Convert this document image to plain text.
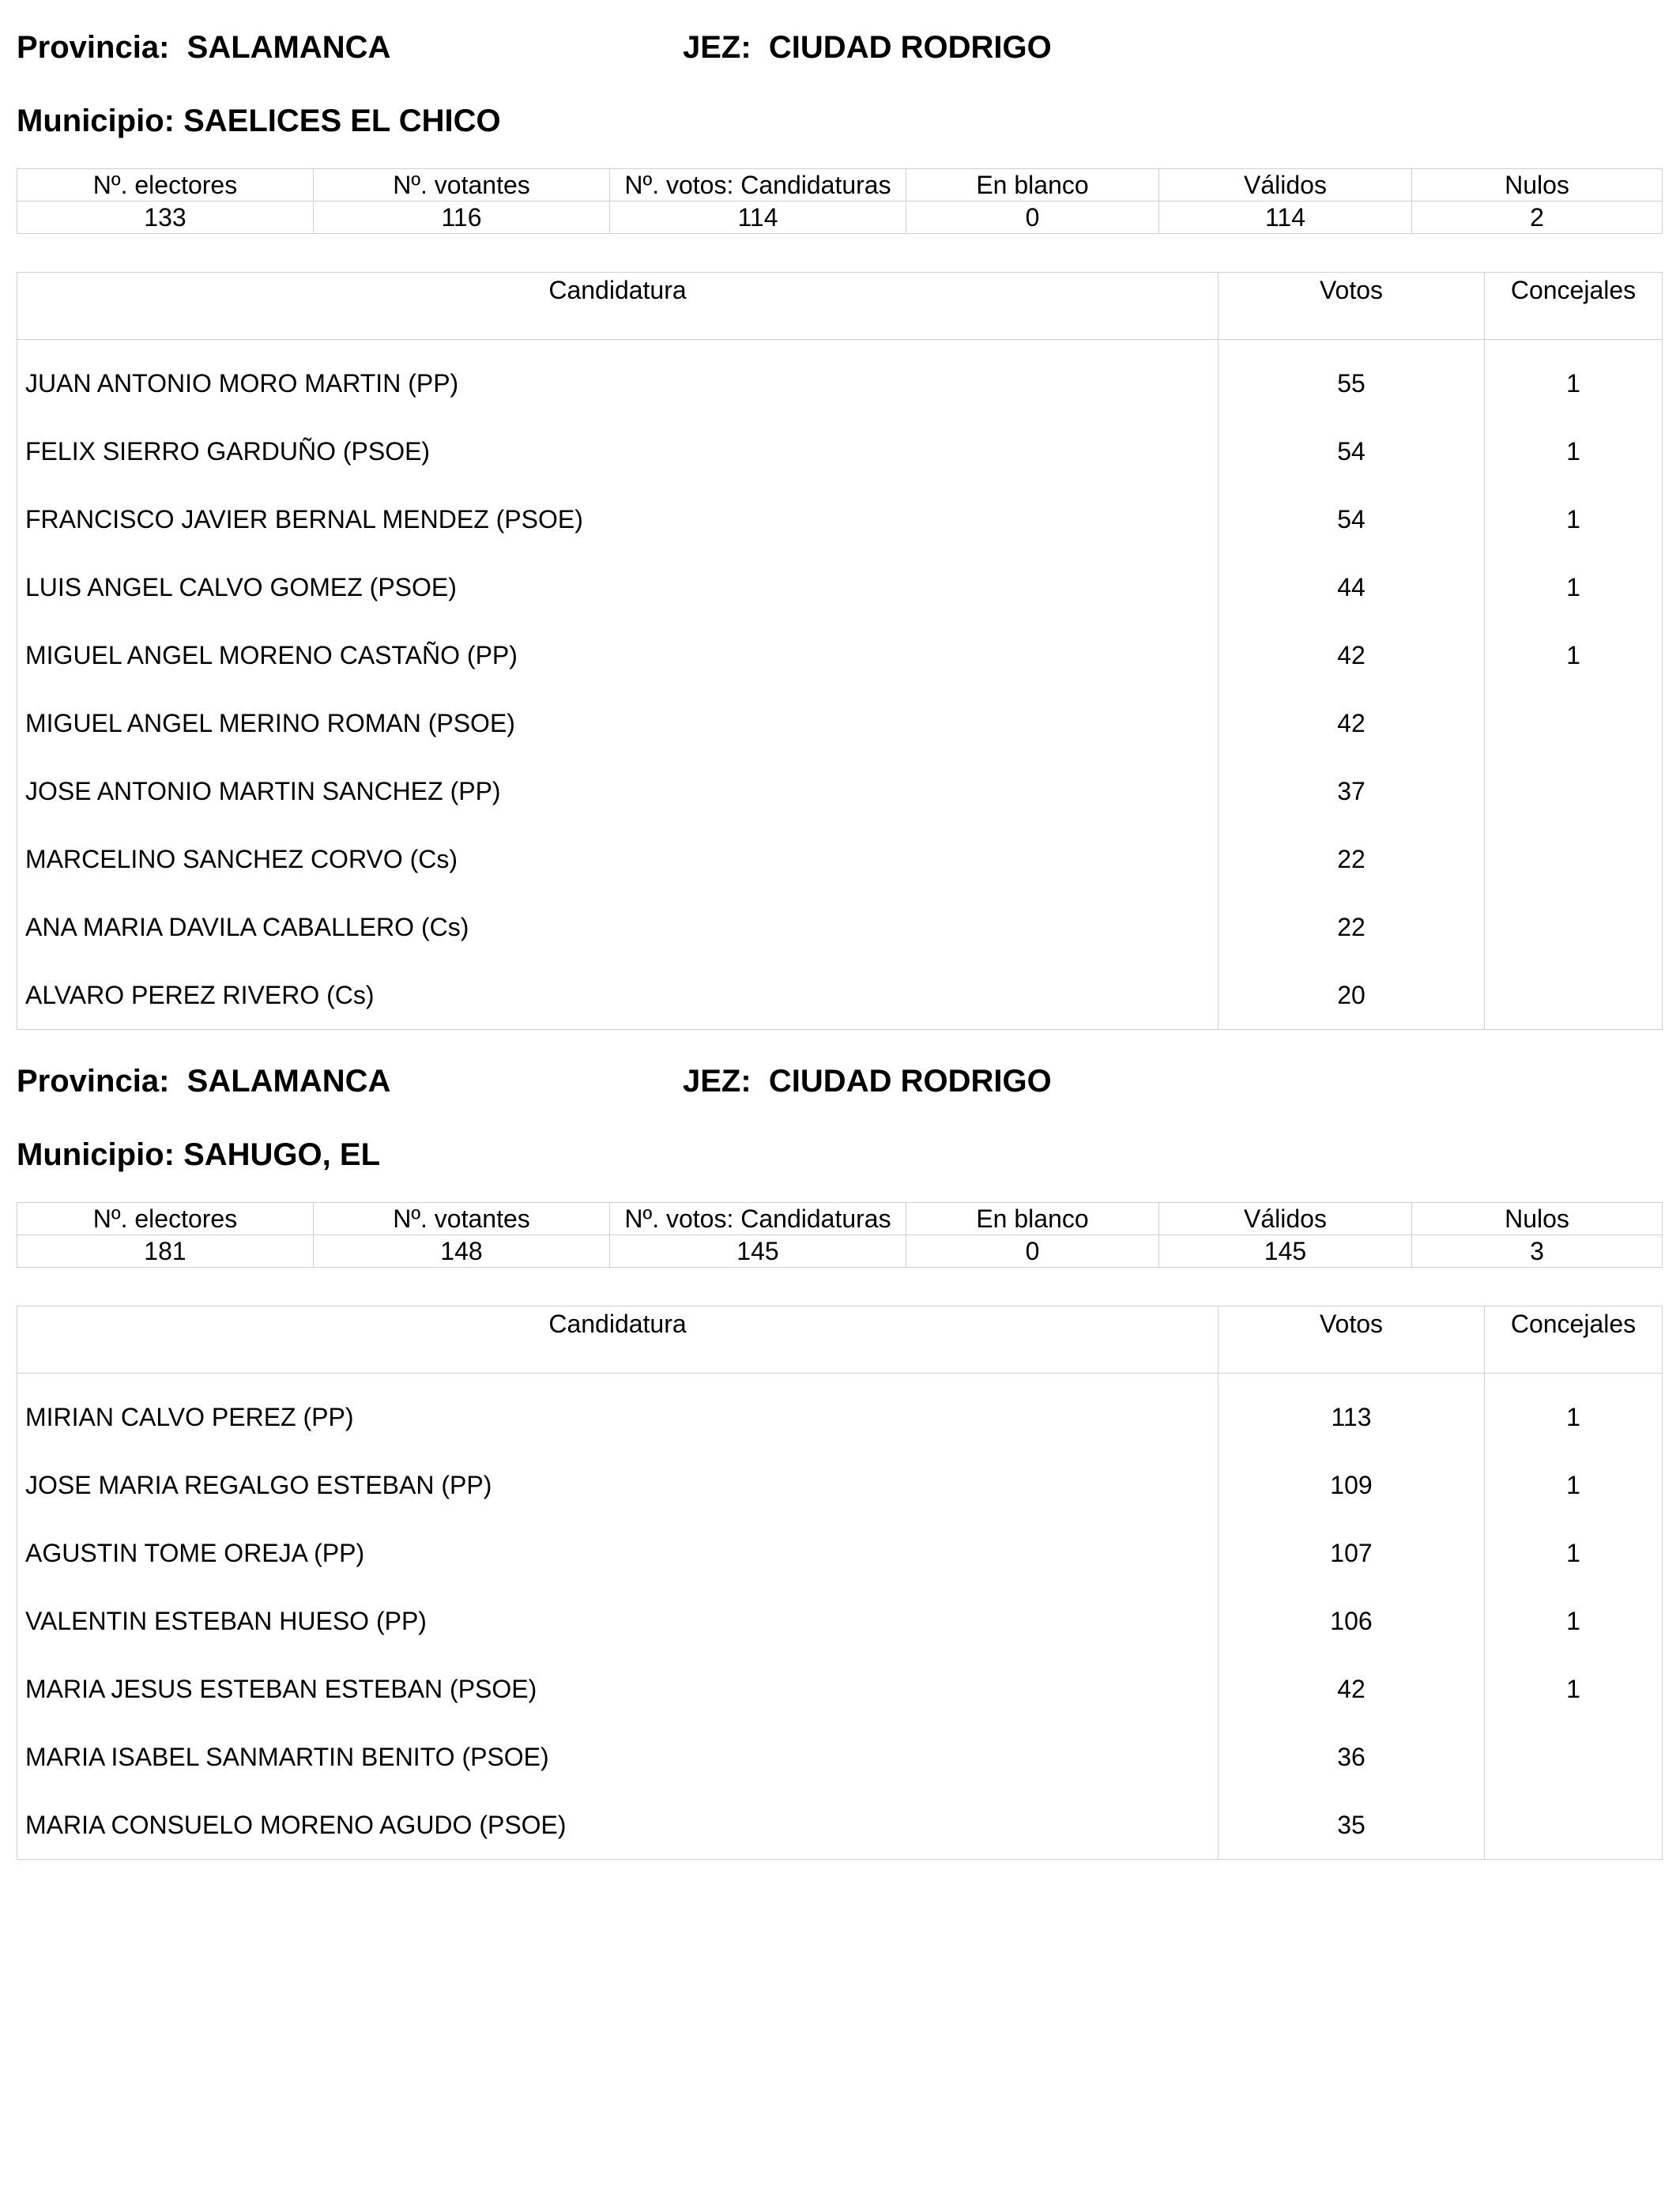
Provincia: SALAMANCA	JEZ: CIUDAD RODRIGO
Municipio: SAELICES EL CHICO
Nº. electores	Nº. votantes	Nº. votos: Candidaturas	En blanco	Válidos	Nulos
133	116	114	0	114	2
Candidatura	Votos	Concejales

JUAN ANTONIO MORO MARTIN (PP)	55	1
FELIX SIERRO GARDUÑO (PSOE)	54	1
FRANCISCO JAVIER BERNAL MENDEZ (PSOE)	54	1
LUIS ANGEL CALVO GOMEZ (PSOE)	44	1
MIGUEL ANGEL MORENO CASTAÑO (PP)	42	1
MIGUEL ANGEL MERINO ROMAN (PSOE)	42	
JOSE ANTONIO MARTIN SANCHEZ (PP)	37	
MARCELINO SANCHEZ CORVO (Cs)	22	
ANA MARIA DAVILA CABALLERO (Cs)	22	
ALVARO PEREZ RIVERO (Cs)	20	
Provincia: SALAMANCA	JEZ: CIUDAD RODRIGO
Municipio: SAHUGO, EL
Nº. electores	Nº. votantes	Nº. votos: Candidaturas	En blanco	Válidos	Nulos
181	148	145	0	145	3
Candidatura	Votos	Concejales

MIRIAN CALVO PEREZ (PP)	113	1
JOSE MARIA REGALGO ESTEBAN (PP)	109	1
AGUSTIN TOME OREJA (PP)	107	1
VALENTIN ESTEBAN HUESO (PP)	106	1
MARIA JESUS ESTEBAN ESTEBAN (PSOE)	42	1
MARIA ISABEL SANMARTIN BENITO (PSOE)	36	
MARIA CONSUELO MORENO AGUDO (PSOE)	35	
